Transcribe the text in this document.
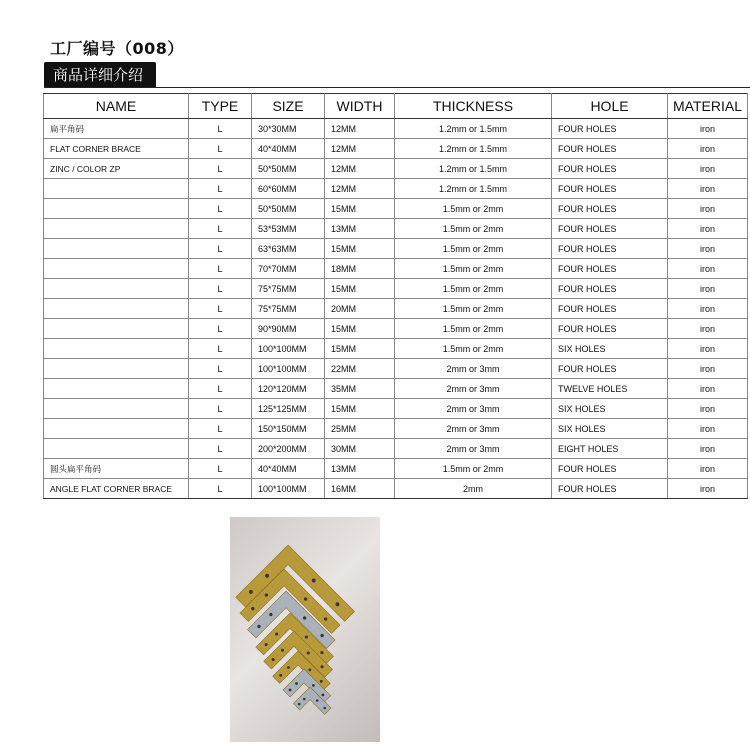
工厂编号（008）
商品详细介绍
NAME	TYPE	SIZE	WIDTH	THICKNESS	HOLE	MATERIAL
扁平角码	L	30*30MM	12MM	1.2mm or 1.5mm	FOUR HOLES	iron
FLAT CORNER BRACE	L	40*40MM	12MM	1.2mm or 1.5mm	FOUR HOLES	iron
ZINC / COLOR ZP	L	50*50MM	12MM	1.2mm or 1.5mm	FOUR HOLES	iron
	L	60*60MM	12MM	1.2mm or 1.5mm	FOUR HOLES	iron
	L	50*50MM	15MM	1.5mm or 2mm	FOUR HOLES	iron
	L	53*53MM	13MM	1.5mm or 2mm	FOUR HOLES	iron
	L	63*63MM	15MM	1.5mm or 2mm	FOUR HOLES	iron
	L	70*70MM	18MM	1.5mm or 2mm	FOUR HOLES	iron
	L	75*75MM	15MM	1.5mm or 2mm	FOUR HOLES	iron
	L	75*75MM	20MM	1.5mm or 2mm	FOUR HOLES	iron
	L	90*90MM	15MM	1.5mm or 2mm	FOUR HOLES	iron
	L	100*100MM	15MM	1.5mm or 2mm	SIX HOLES	iron
	L	100*100MM	22MM	2mm or 3mm	FOUR HOLES	iron
	L	120*120MM	35MM	2mm or 3mm	TWELVE HOLES	iron
	L	125*125MM	15MM	2mm or 3mm	SIX HOLES	iron
	L	150*150MM	25MM	2mm or 3mm	SIX HOLES	iron
	L	200*200MM	30MM	2mm or 3mm	EIGHT HOLES	iron
圆头扁平角码	L	40*40MM	13MM	1.5mm or 2mm	FOUR HOLES	iron
ANGLE FLAT CORNER BRACE	L	100*100MM	16MM	2mm	FOUR HOLES	iron
